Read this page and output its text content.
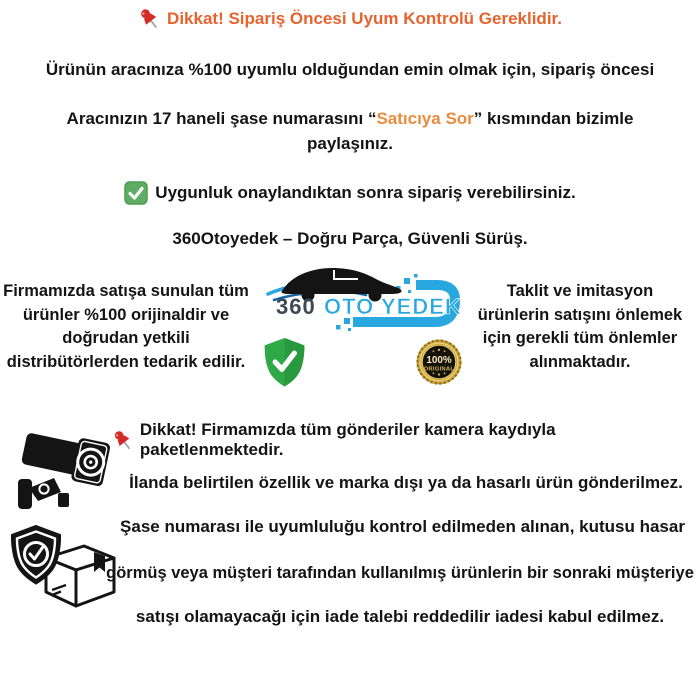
Dikkat! Sipariş Öncesi Uyum Kontrolü Gereklidir.
Ürünün aracınıza %100 uyumlu olduğundan emin olmak için, sipariş öncesi
Aracınızın 17 haneli şase numarasını “Satıcıya Sor” kısmından bizimle
paylaşınız.
Uygunluk onaylandıktan sonra sipariş verebilirsiniz.
360Otoyedek – Doğru Parça, Güvenli Sürüş.
Firmamızda satışa sunulan tüm
ürünler %100 orijinaldir ve
doğrudan yetkili
distribütörlerden tedarik edilir.
360 OTO YEDEK
100%
ORIGINAL
Taklit ve imitasyon
ürünlerin satışını önlemek
için gerekli tüm önlemler
alınmaktadır.
Dikkat! Firmamızda tüm gönderiler kamera kaydıyla paketlenmektedir.
İlanda belirtilen özellik ve marka dışı ya da hasarlı ürün gönderilmez.
Şase numarası ile uyumluluğu kontrol edilmeden alınan, kutusu hasar
görmüş veya müşteri tarafından kullanılmış ürünlerin bir sonraki müşteriye
satışı olamayacağı için iade talebi reddedilir iadesi kabul edilmez.
